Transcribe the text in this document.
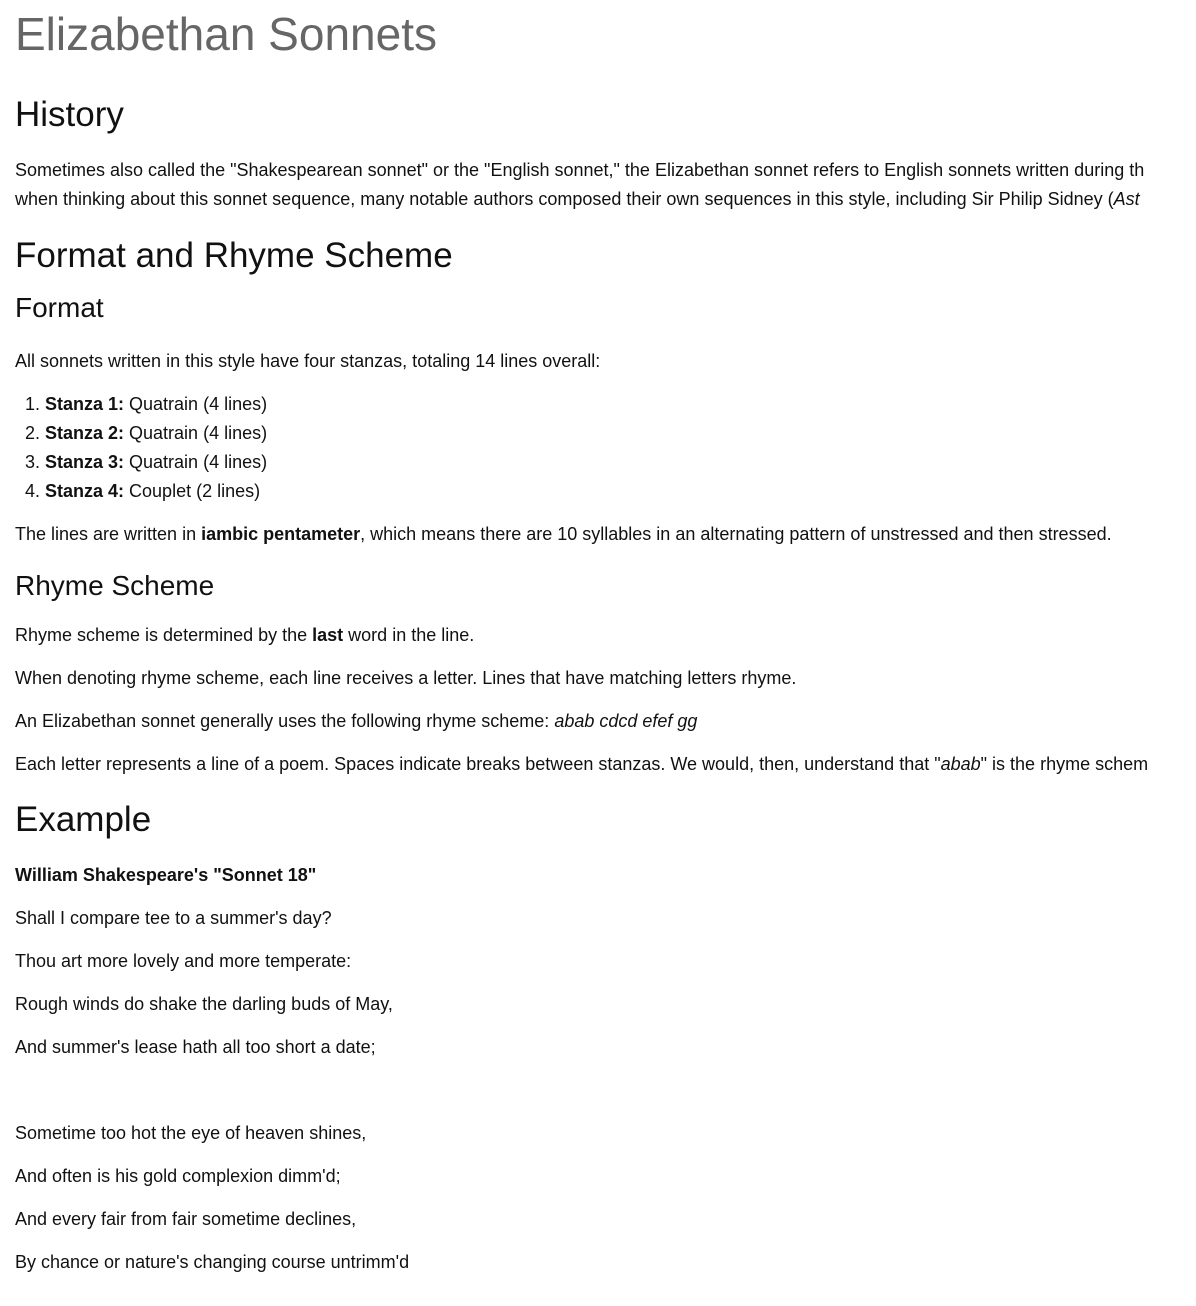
Elizabethan Sonnets
History

Sometimes also called the "Shakespearean sonnet" or the "English sonnet," the Elizabethan sonnet refers to English sonnets written during th
when thinking about this sonnet sequence, many notable authors composed their own sequences in this style, including Sir Philip Sidney (Ast

Format and Rhyme Scheme
Format

All sonnets written in this style have four stanzas, totaling 14 lines overall:

1. Stanza 1: Quatrain (4 lines)
2. Stanza 2: Quatrain (4 lines)
3. Stanza 3: Quatrain (4 lines)
4. Stanza 4: Couplet (2 lines)

The lines are written in iambic pentameter, which means there are 10 syllables in an alternating pattern of unstressed and then stressed.

Rhyme Scheme

Rhyme scheme is determined by the last word in the line.

When denoting rhyme scheme, each line receives a letter. Lines that have matching letters rhyme.

An Elizabethan sonnet generally uses the following rhyme scheme: abab cdcd efef gg

Each letter represents a line of a poem. Spaces indicate breaks between stanzas. We would, then, understand that "abab" is the rhyme schem

Example

William Shakespeare's "Sonnet 18"

Shall I compare tee to a summer's day?

Thou art more lovely and more temperate:

Rough winds do shake the darling buds of May,

And summer's lease hath all too short a date;

Sometime too hot the eye of heaven shines,

And often is his gold complexion dimm'd;

And every fair from fair sometime declines,

By chance or nature's changing course untrimm'd
